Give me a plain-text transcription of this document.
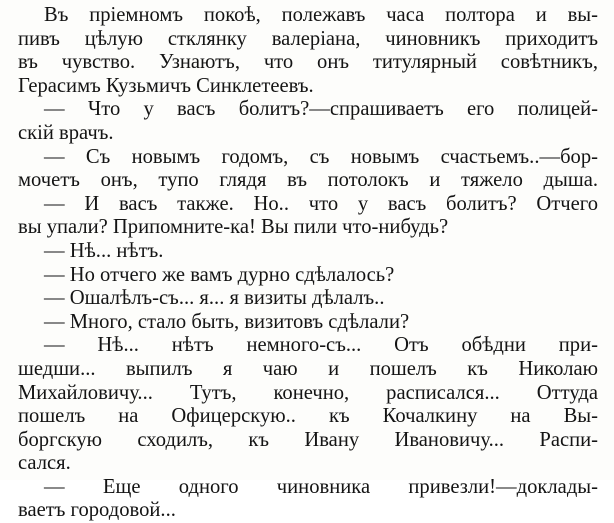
Въ пріемномъ покоѣ, полежавъ часа полтора и вы-
пивъ цѣлую стклянку валеріана, чиновникъ приходитъ
въ чувство. Узнаютъ, что онъ титулярный совѣтникъ,
Герасимъ Кузьмичъ Синклетеевъ.
— Что у васъ болитъ?—спрашиваетъ его полицей-
скій врачъ.
— Съ новымъ годомъ, съ новымъ счастьемъ..—бор-
мочетъ онъ, тупо глядя въ потолокъ и тяжело дыша.
— И васъ также. Но.. что у васъ болитъ? Отчего
вы упали? Припомните-ка! Вы пили что-нибудь?
— Нѣ... нѣтъ.
— Но отчего же вамъ дурно сдѣлалось?
— Ошалѣлъ-съ... я... я визиты дѣлалъ..
— Много, стало быть, визитовъ сдѣлали?
— Нѣ... нѣтъ немного-съ... Отъ обѣдни при-
шедши... выпилъ я чаю и пошелъ къ Николаю
Михайловичу... Тутъ, конечно, расписался... Оттуда
пошелъ на Офицерскую.. къ Кочалкину на Вы-
боргскую сходилъ, къ Ивану Ивановичу... Распи-
сался.
— Еще одного чиновника привезли!—доклады-
ваетъ городовой...
